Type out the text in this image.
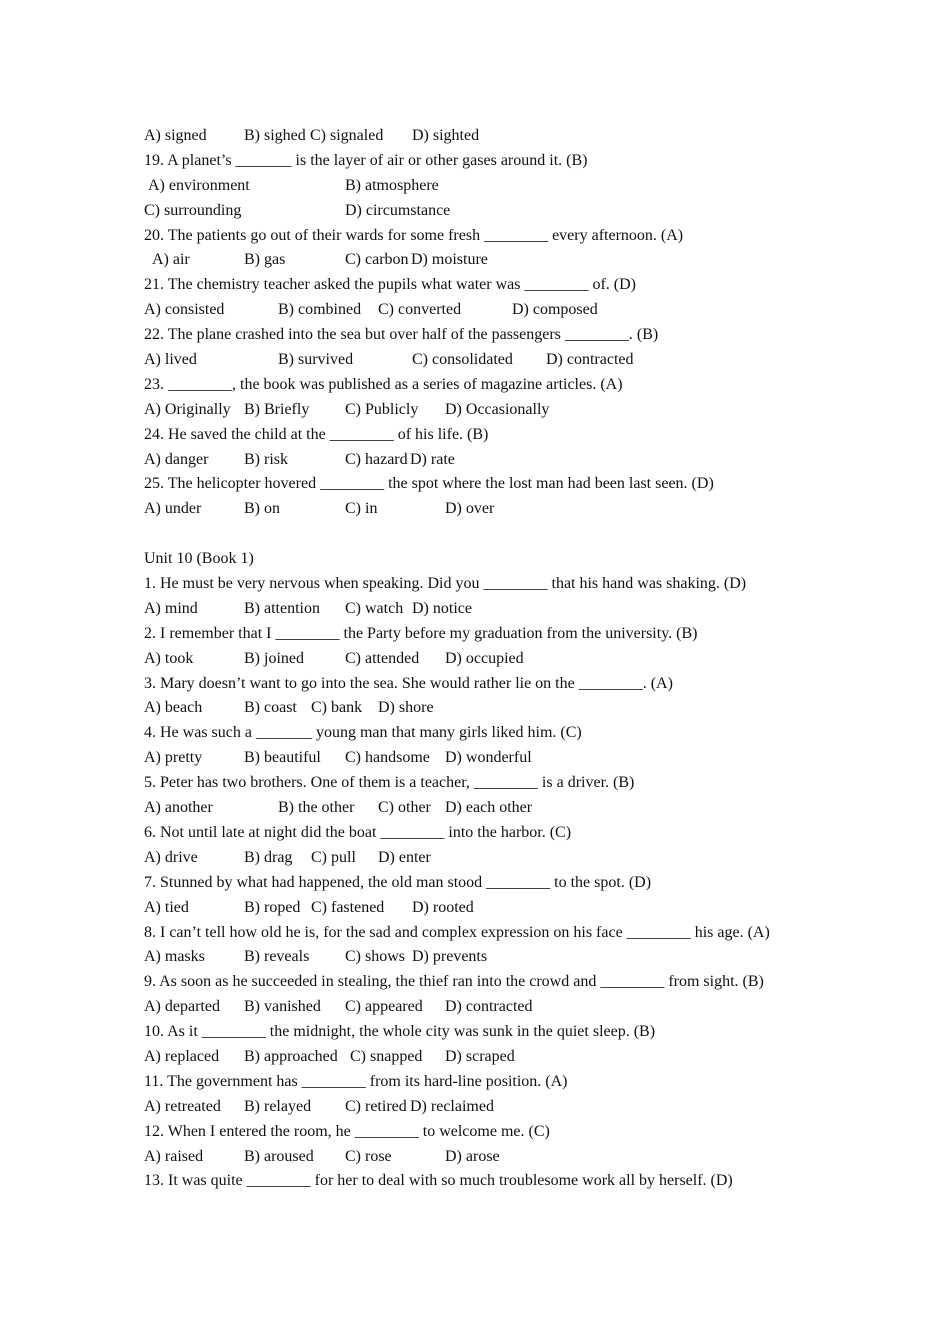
A) signed B) sighed C) signaled D) sighted
19. A planet’s _______ is the layer of air or other gases around it. (B)
A) environment	B) atmosphere
C) surrounding	D) circumstance
20. The patients go out of their wards for some fresh ________ every afternoon. (A)
A) air	B) gas	C) carbon D) moisture
21. The chemistry teacher asked the pupils what water was ________ of. (D)
A) consisted	B) combined C) converted	D) composed
22. The plane crashed into the sea but over half of the passengers ________. (B)
A) lived	B) survived	C) consolidated D) contracted
23. ________, the book was published as a series of magazine articles. (A)
A) Originally B) Briefly C) Publicly D) Occasionally
24. He saved the child at the ________ of his life. (B)
A) danger B) risk	C) hazard D) rate
25. The helicopter hovered ________ the spot where the lost man had been last seen. (D)
A) under	B) on	C) in	D) over
Unit 10 (Book 1)
1. He must be very nervous when speaking. Did you ________ that his hand was shaking. (D)
A) mind	B) attention C) watch D) notice
2. I remember that I ________ the Party before my graduation from the university. (B)
A) took	B) joined	C) attended D) occupied
3. Mary doesn’t want to go into the sea. She would rather lie on the ________. (A)
A) beach	B) coast C) bank D) shore
4. He was such a _______ young man that many girls liked him. (C)
A) pretty	B) beautiful C) handsome D) wonderful
5. Peter has two brothers. One of them is a teacher, ________ is a driver. (B)
A) another	B) the other C) other D) each other
6. Not until late at night did the boat ________ into the harbor. (C)
A) drive	B) drag C) pull D) enter
7. Stunned by what had happened, the old man stood ________ to the spot. (D)
A) tied	B) roped C) fastened D) rooted
8. I can’t tell how old he is, for the sad and complex expression on his face ________ his age. (A)
A) masks B) reveals C) shows D) prevents
9. As soon as he succeeded in stealing, the thief ran into the crowd and ________ from sight. (B)
A) departed B) vanished C) appeared D) contracted
10. As it ________ the midnight, the whole city was sunk in the quiet sleep. (B)
A) replaced B) approached C) snapped D) scraped
11. The government has ________ from its hard-line position. (A)
A) retreated B) relayed C) retired D) reclaimed
12. When I entered the room, he ________ to welcome me. (C)
A) raised	B) aroused C) rose	D) arose
13. It was quite ________ for her to deal with so much troublesome work all by herself. (D)
